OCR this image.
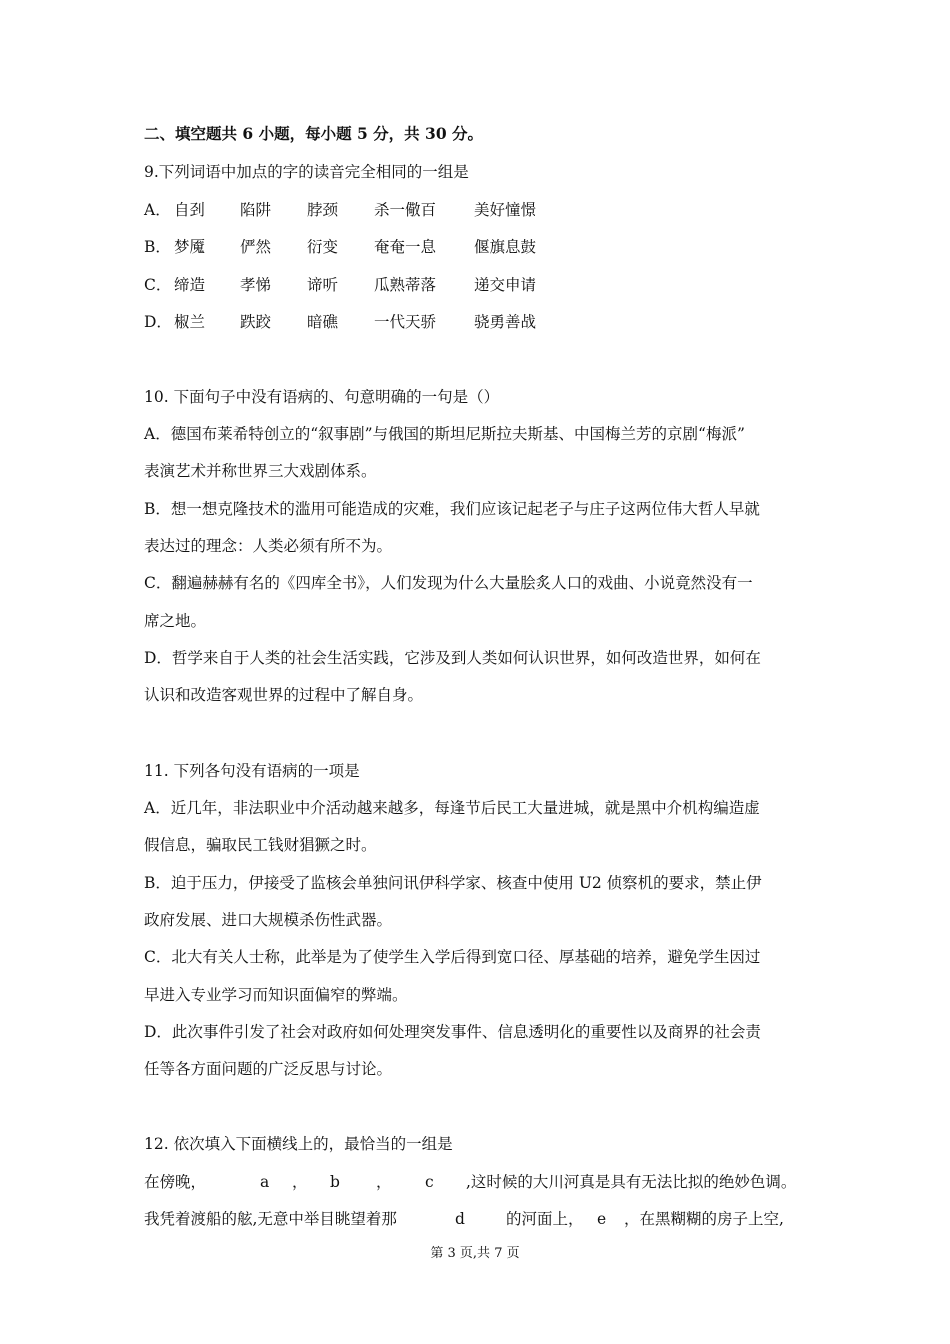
二、填空题共 6 小题，每小题 5 分，共 30 分。
9.下列词语中加点的字的读音完全相同的一组是
A． 自刭 陷阱 脖颈 杀一儆百 美好憧憬
B． 梦魇 俨然 衍变 奄奄一息 偃旗息鼓
C． 缔造 孝悌 谛听 瓜熟蒂落 递交申请
D． 椒兰 跌跤 暗礁 一代天骄 骁勇善战
10. 下面句子中没有语病的、句意明确的一句是（）
A．德国布莱希特创立的“叙事剧”与俄国的斯坦尼斯拉夫斯基、中国梅兰芳的京剧“梅派”
表演艺术并称世界三大戏剧体系。
B．想一想克隆技术的滥用可能造成的灾难，我们应该记起老子与庄子这两位伟大哲人早就
表达过的理念：人类必须有所不为。
C．翻遍赫赫有名的《四库全书》，人们发现为什么大量脍炙人口的戏曲、小说竟然没有一
席之地。
D．哲学来自于人类的社会生活实践，它涉及到人类如何认识世界，如何改造世界，如何在
认识和改造客观世界的过程中了解自身。
11. 下列各句没有语病的一项是
A．近几年，非法职业中介活动越来越多，每逢节后民工大量进城，就是黑中介机构编造虚
假信息，骗取民工钱财猖獗之时。
B．迫于压力，伊接受了监核会单独问讯伊科学家、核查中使用 U2 侦察机的要求，禁止伊
政府发展、进口大规模杀伤性武器。
C．北大有关人士称，此举是为了使学生入学后得到宽口径、厚基础的培养，避免学生因过
早进入专业学习而知识面偏窄的弊端。
D．此次事件引发了社会对政府如何处理突发事件、信息透明化的重要性以及商界的社会责
任等各方面问题的广泛反思与讨论。
12. 依次填入下面横线上的，最恰当的一组是
在傍晚，	a ， b ， c ,这时候的大川河真是具有无法比拟的绝妙色调。
我凭着渡船的舷,无意中举目眺望着那	d	的河面上， e ，在黑糊糊的房子上空,
第 3 页,共 7 页
